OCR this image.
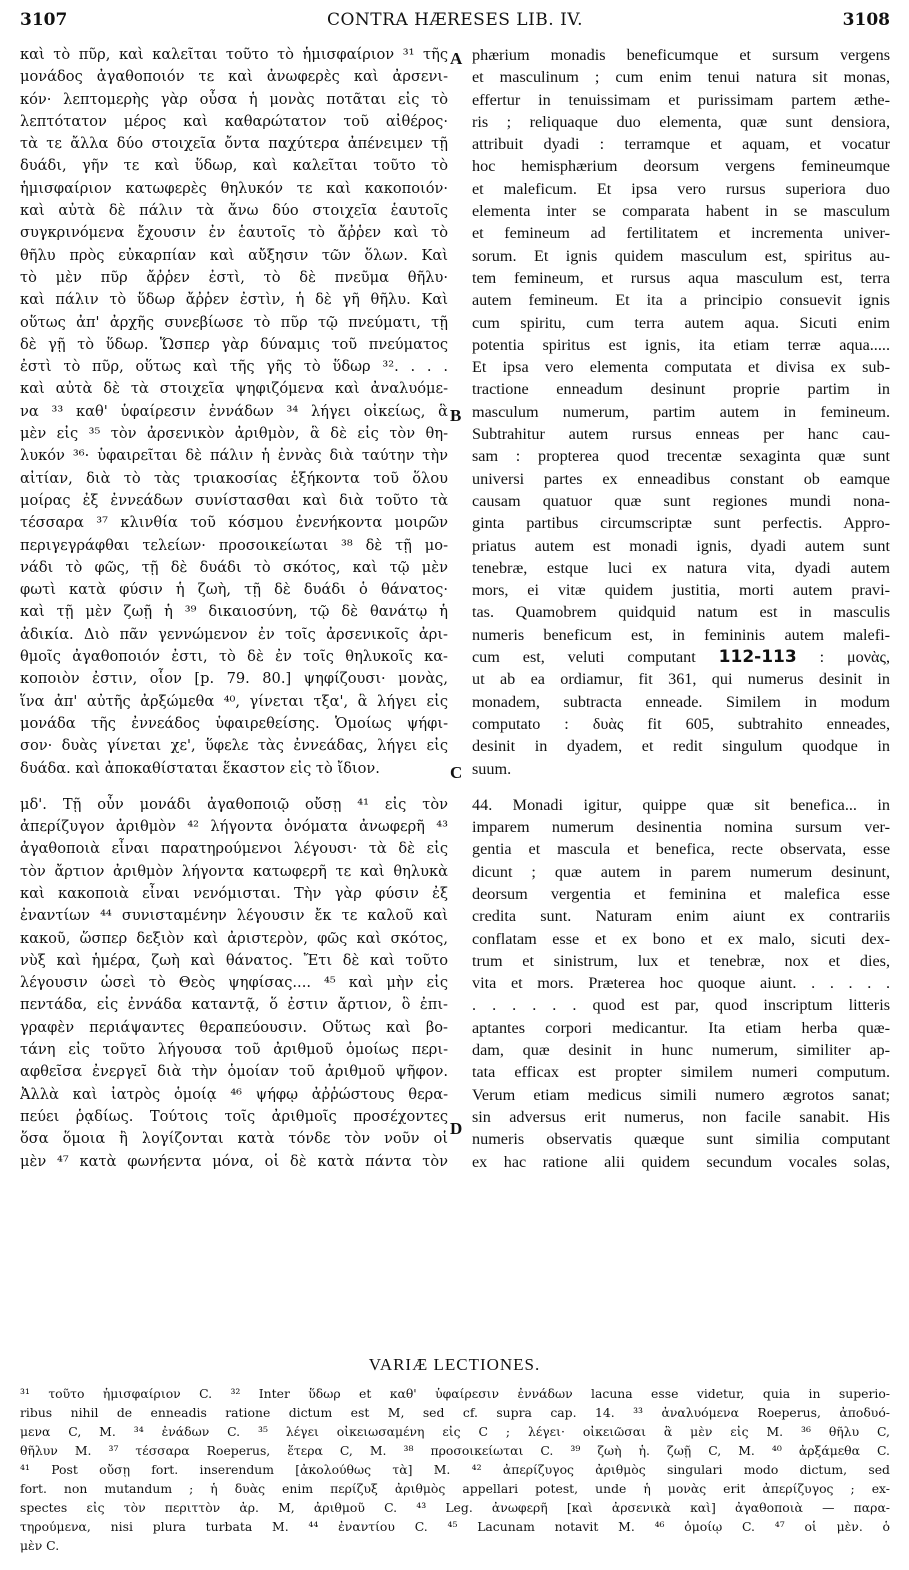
3107	CONTRA HÆRESES LIB. IV.	3108
καὶ τὸ πῦρ, καὶ καλεῖται τοῦτο τὸ ἡμισφαίριον ³¹ τῆς
μονάδος ἀγαθοποιόν τε καὶ ἀνωφερὲς καὶ ἀρσενι-
κόν· λεπτομερὴς γὰρ οὖσα ἡ μονὰς ποτᾶται εἰς τὸ
λεπτότατον μέρος καὶ καθαρώτατον τοῦ αἰθέρος·
τὰ τε ἄλλα δύο στοιχεῖα ὄντα παχύτερα ἀπένειμεν τῇ
δυάδι, γῆν τε καὶ ὕδωρ, καὶ καλεῖται τοῦτο τὸ
ἡμισφαίριον κατωφερὲς θηλυκόν τε καὶ κακοποιόν·
καὶ αὐτὰ δὲ πάλιν τὰ ἄνω δύο στοιχεῖα ἑαυτοῖς
συγκρινόμενα ἔχουσιν ἐν ἑαυτοῖς τὸ ἄῤῥεν καὶ τὸ
θῆλυ πρὸς εὐκαρπίαν καὶ αὔξησιν τῶν ὅλων. Καὶ
τὸ μὲν πῦρ ἄῤῥεν ἐστὶ, τὸ δὲ πνεῦμα θῆλυ·
καὶ πάλιν τὸ ὕδωρ ἄῤῥεν ἐστὶν, ἡ δὲ γῆ θῆλυ. Καὶ
οὕτως ἀπ' ἀρχῆς συνεβίωσε τὸ πῦρ τῷ πνεύματι, τῇ
δὲ γῇ τὸ ὕδωρ. Ὥσπερ γὰρ δύναμις τοῦ πνεύματος
ἐστὶ τὸ πῦρ, οὕτως καὶ τῆς γῆς τὸ ὕδωρ ³². . . .
καὶ αὐτὰ δὲ τὰ στοιχεῖα ψηφιζόμενα καὶ ἀναλυόμε-
να ³³ καθ' ὑφαίρεσιν ἐννάδων ³⁴ λήγει οἰκείως, ἃ
μὲν εἰς ³⁵ τὸν ἀρσενικὸν ἀριθμὸν, ἃ δὲ εἰς τὸν θη-
λυκόν ³⁶· ὑφαιρεῖται δὲ πάλιν ἡ ἐννὰς διὰ ταύτην τὴν
αἰτίαν, διὰ τὸ τὰς τριακοσίας ἑξήκοντα τοῦ ὅλου
μοίρας ἐξ ἐννεάδων συνίστασθαι καὶ διὰ τοῦτο τὰ
τέσσαρα ³⁷ κλινθία τοῦ κόσμου ἐνενήκοντα μοιρῶν
περιγεγράφθαι τελείων· προσοικείωται ³⁸ δὲ τῇ μο-
νάδι τὸ φῶς, τῇ δὲ δυάδι τὸ σκότος, καὶ τῷ μὲν
φωτὶ κατὰ φύσιν ἡ ζωὴ, τῇ δὲ δυάδι ὁ θάνατος·
καὶ τῇ μὲν ζωῇ ἡ ³⁹ δικαιοσύνη, τῷ δὲ θανάτῳ ἡ
ἀδικία. Διὸ πᾶν γεννώμενον ἐν τοῖς ἀρσενικοῖς ἀρι-
θμοῖς ἀγαθοποιόν ἐστι, τὸ δὲ ἐν τοῖς θηλυκοῖς κα-
κοποιὸν ἐστιν, οἷον [p. 79. 80.] ψηφίζουσι· μονὰς,
ἵνα ἀπ' αὐτῆς ἀρξώμεθα ⁴⁰, γίνεται τξα', ἃ λήγει εἰς
μονάδα τῆς ἐννεάδος ὑφαιρεθείσης. Ὁμοίως ψήφι-
σον· δυὰς γίνεται χε', ὕφελε τὰς ἐννεάδας, λήγει εἰς
δυάδα. καὶ ἀποκαθίσταται ἕκαστον εἰς τὸ ἴδιον.
μδ'. Τῇ οὖν μονάδι ἀγαθοποιῷ οὔσῃ ⁴¹ εἰς τὸν
ἀπερίζυγον ἀριθμὸν ⁴² λήγοντα ὀνόματα ἀνωφερῆ ⁴³
ἀγαθοποιὰ εἶναι παρατηρούμενοι λέγουσι· τὰ δὲ εἰς
τὸν ἄρτιον ἀριθμὸν λήγοντα κατωφερῆ τε καὶ θηλυκὰ
καὶ κακοποιὰ εἶναι νενόμισται. Τὴν γὰρ φύσιν ἐξ
ἐναντίων ⁴⁴ συνισταμένην λέγουσιν ἔκ τε καλοῦ καὶ
κακοῦ, ὥσπερ δεξιὸν καὶ ἀριστερὸν, φῶς καὶ σκότος,
νὺξ καὶ ἡμέρα, ζωὴ καὶ θάνατος. Ἔτι δὲ καὶ τοῦτο
λέγουσιν ὡσεὶ τὸ Θεὸς ψηφίσας.... ⁴⁵ καὶ μὴν εἰς
πεντάδα, εἰς ἐννάδα καταντᾷ, ὅ ἐστιν ἄρτιον, ὃ ἐπι-
γραφὲν περιάψαντες θεραπεύουσιν. Οὕτως καὶ βο-
τάνη εἰς τοῦτο λήγουσα τοῦ ἀριθμοῦ ὁμοίως περι-
αφθεῖσα ἐνεργεῖ διὰ τὴν ὁμοίαν τοῦ ἀριθμοῦ ψῆφον.
Ἀλλὰ καὶ ἰατρὸς ὁμοίᾳ ⁴⁶ ψήφῳ ἀῤῥώστους θερα-
πεύει ῥᾳδίως. Τούτοις τοῖς ἀριθμοῖς προσέχοντες
ὅσα ὅμοια ἢ λογίζονται κατὰ τόνδε τὸν νοῦν οἱ
μὲν ⁴⁷ κατὰ φωνήεντα μόνα, οἱ δὲ κατὰ πάντα τὸν
phærium monadis beneficumque et sursum vergens
et masculinum ; cum enim tenui natura sit monas,
effertur in tenuissimam et purissimam partem æthe-
ris ; reliquaque duo elementa, quæ sunt densiora,
attribuit dyadi : terramque et aquam, et vocatur
hoc hemisphærium deorsum vergens femineumque
et maleficum. Et ipsa vero rursus superiora duo
elementa inter se comparata habent in se masculum
et femineum ad fertilitatem et incrementa univer-
sorum. Et ignis quidem masculum est, spiritus au-
tem femineum, et rursus aqua masculum est, terra
autem femineum. Et ita a principio consuevit ignis
cum spiritu, cum terra autem aqua. Sicuti enim
potentia spiritus est ignis, ita etiam terræ aqua.....
Et ipsa vero elementa computata et divisa ex sub-
tractione enneadum desinunt proprie partim in
masculum numerum, partim autem in femineum.
Subtrahitur autem rursus enneas per hanc cau-
sam : propterea quod trecentæ sexaginta quæ sunt
universi partes ex enneadibus constant ob eamque
causam quatuor quæ sunt regiones mundi nona-
ginta partibus circumscriptæ sunt perfectis. Appro-
priatus autem est monadi ignis, dyadi autem sunt
tenebræ, estque luci ex natura vita, dyadi autem
mors, ei vitæ quidem justitia, morti autem pravi-
tas. Quamobrem quidquid natum est in masculis
numeris beneficum est, in femininis autem malefi-
cum est, veluti computant 112-113 : μονὰς,
ut ab ea ordiamur, fit 361, qui numerus desinit in
monadem, subtracta enneade. Similem in modum
computato : δυὰς fit 605, subtrahito enneades,
desinit in dyadem, et redit singulum quodque in
suum.
44. Monadi igitur, quippe quæ sit benefica... in
imparem numerum desinentia nomina sursum ver-
gentia et mascula et benefica, recte observata, esse
dicunt ; quæ autem in parem numerum desinunt,
deorsum vergentia et feminina et malefica esse
credita sunt. Naturam enim aiunt ex contrariis
conflatam esse et ex bono et ex malo, sicuti dex-
trum et sinistrum, lux et tenebræ, nox et dies,
vita et mors. Præterea hoc quoque aiunt. . . . . .
. . . . . . quod est par, quod inscriptum litteris
aptantes corpori medicantur. Ita etiam herba quæ-
dam, quæ desinit in hunc numerum, similiter ap-
tata efficax est propter similem numeri computum.
Verum etiam medicus simili numero ægrotos sanat;
sin adversus erit numerus, non facile sanabit. His
numeris observatis quæque sunt similia computant
ex hac ratione alii quidem secundum vocales solas,
A
B
C
D
VARIÆ LECTIONES.
³¹ τοῦτο ἡμισφαίριον C. ³² Inter ὕδωρ et καθ' ὑφαίρεσιν ἐννάδων lacuna esse videtur, quia in superio-
ribus nihil de enneadis ratione dictum est M, sed cf. supra cap. 14. ³³ ἀναλυόμενα Roeperus, ἀποδυό-
μενα C, M. ³⁴ ἐνάδων C. ³⁵ λέγει οἰκειωσαμένη εἰς C ; λέγει· οἰκειῶσαι ἃ μὲν εἰς M. ³⁶ θῆλυ C,
θῆλυν M. ³⁷ τέσσαρα Roeperus, ἕτερα C, M. ³⁸ προσοικείωται C. ³⁹ ζωὴ ἡ. ζωῇ C, M. ⁴⁰ ἀρξάμεθα C.
⁴¹ Post οὔσῃ fort. inserendum [ἀκολούθως τὰ] M. ⁴² ἀπερίζυγος ἀριθμὸς singulari modo dictum, sed
fort. non mutandum ; ἡ δυὰς enim περίζυξ ἀριθμὸς appellari potest, unde ἡ μονὰς erit ἀπερίζυγος ; ex-
spectes εἰς τὸν περιττὸν ἀρ. M, ἀριθμοῦ C. ⁴³ Leg. ἀνωφερῆ [καὶ ἀρσενικὰ καὶ] ἀγαθοποιὰ — παρα-
τηρούμενα, nisi plura turbata M. ⁴⁴ ἐναντίου C. ⁴⁵ Lacunam notavit M. ⁴⁶ ὁμοίῳ C. ⁴⁷ οἱ μὲν. ὁ
μὲν C.
